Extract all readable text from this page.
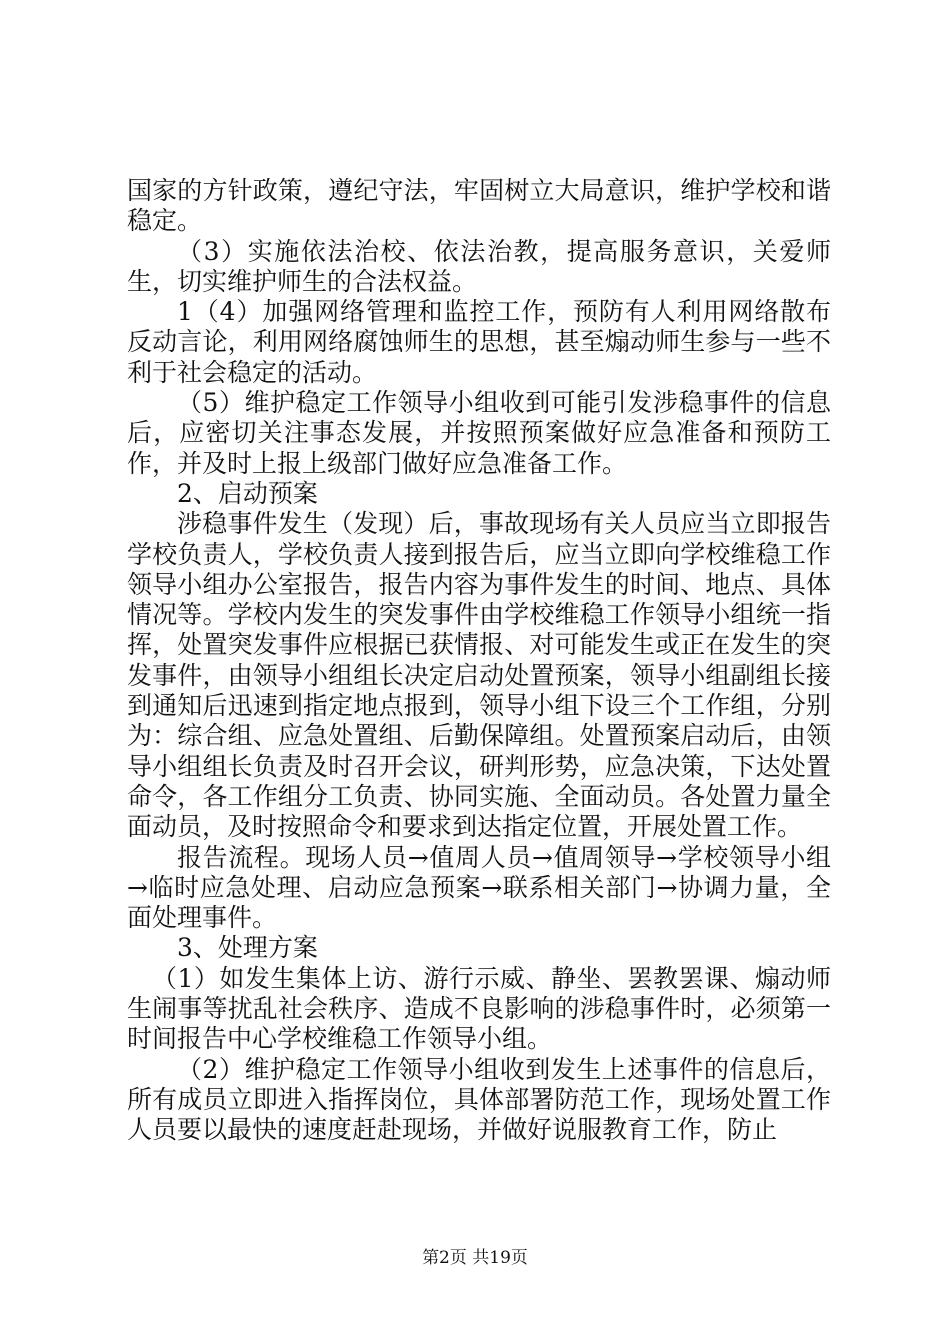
国家的方针政策，遵纪守法，牢固树立大局意识，维护学校和谐稳定。

（3）实施依法治校、依法治教，提高服务意识，关爱师生，切实维护师生的合法权益。

1（4）加强网络管理和监控工作，预防有人利用网络散布反动言论，利用网络腐蚀师生的思想，甚至煽动师生参与一些不利于社会稳定的活动。

（5）维护稳定工作领导小组收到可能引发涉稳事件的信息后，应密切关注事态发展，并按照预案做好应急准备和预防工作，并及时上报上级部门做好应急准备工作。

2、启动预案

涉稳事件发生（发现）后，事故现场有关人员应当立即报告学校负责人，学校负责人接到报告后，应当立即向学校维稳工作领导小组办公室报告，报告内容为事件发生的时间、地点、具体情况等。学校内发生的突发事件由学校维稳工作领导小组统一指挥，处置突发事件应根据已获情报、对可能发生或正在发生的突发事件，由领导小组组长决定启动处置预案，领导小组副组长接到通知后迅速到指定地点报到，领导小组下设三个工作组，分别为：综合组、应急处置组、后勤保障组。处置预案启动后，由领导小组组长负责及时召开会议，研判形势，应急决策，下达处置命令，各工作组分工负责、协同实施、全面动员。各处置力量全面动员，及时按照命令和要求到达指定位置，开展处置工作。

报告流程。现场人员→值周人员→值周领导→学校领导小组→临时应急处理、启动应急预案→联系相关部门→协调力量，全面处理事件。

3、处理方案

（1）如发生集体上访、游行示威、静坐、罢教罢课、煽动师生闹事等扰乱社会秩序、造成不良影响的涉稳事件时，必须第一时间报告中心学校维稳工作领导小组。

（2）维护稳定工作领导小组收到发生上述事件的信息后，所有成员立即进入指挥岗位，具体部署防范工作，现场处置工作人员要以最快的速度赶赴现场，并做好说服教育工作，防止

第2页 共19页
